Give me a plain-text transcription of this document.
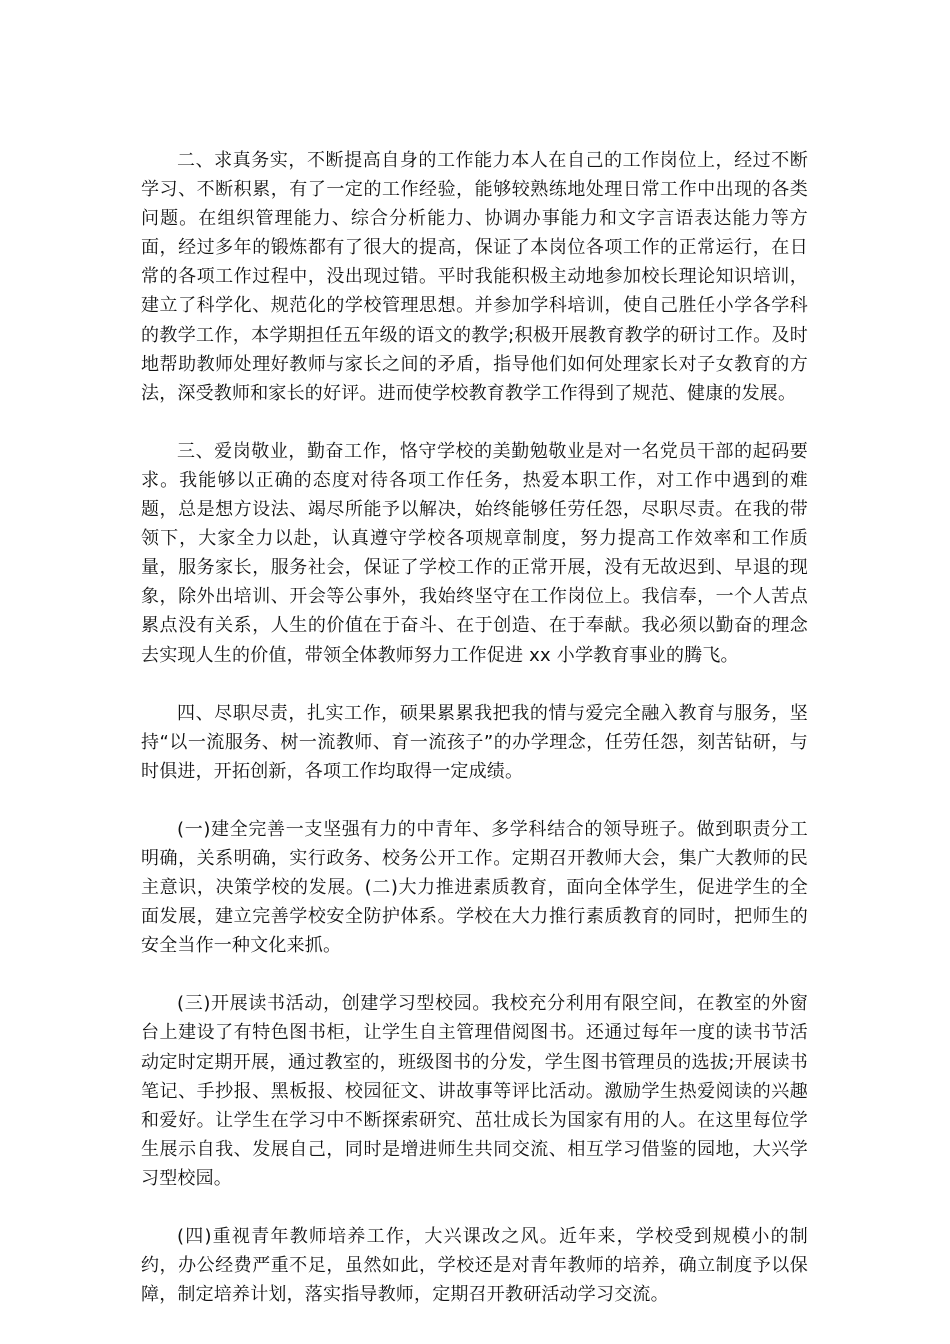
二、求真务实，不断提高自身的工作能力本人在自己的工作岗位上，经过不断学习、不断积累，有了一定的工作经验，能够较熟练地处理日常工作中出现的各类问题。在组织管理能力、综合分析能力、协调办事能力和文字言语表达能力等方面，经过多年的锻炼都有了很大的提高，保证了本岗位各项工作的正常运行，在日常的各项工作过程中，没出现过错。平时我能积极主动地参加校长理论知识培训，建立了科学化、规范化的学校管理思想。并参加学科培训，使自己胜任小学各学科的教学工作，本学期担任五年级的语文的教学;积极开展教育教学的研讨工作。及时地帮助教师处理好教师与家长之间的矛盾，指导他们如何处理家长对子女教育的方法，深受教师和家长的好评。进而使学校教育教学工作得到了规范、健康的发展。

三、爱岗敬业，勤奋工作，恪守学校的美勤勉敬业是对一名党员干部的起码要求。我能够以正确的态度对待各项工作任务，热爱本职工作，对工作中遇到的难题，总是想方设法、竭尽所能予以解决，始终能够任劳任怨，尽职尽责。在我的带领下，大家全力以赴，认真遵守学校各项规章制度，努力提高工作效率和工作质量，服务家长，服务社会，保证了学校工作的正常开展，没有无故迟到、早退的现象，除外出培训、开会等公事外，我始终坚守在工作岗位上。我信奉，一个人苦点累点没有关系，人生的价值在于奋斗、在于创造、在于奉献。我必须以勤奋的理念去实现人生的价值，带领全体教师努力工作促进 xx 小学教育事业的腾飞。

四、尽职尽责，扎实工作，硕果累累我把我的情与爱完全融入教育与服务，坚持“以一流服务、树一流教师、育一流孩子”的办学理念，任劳任怨，刻苦钻研，与时俱进，开拓创新，各项工作均取得一定成绩。

(一)建全完善一支坚强有力的中青年、多学科结合的领导班子。做到职责分工明确，关系明确，实行政务、校务公开工作。定期召开教师大会，集广大教师的民主意识，决策学校的发展。(二)大力推进素质教育，面向全体学生，促进学生的全面发展，建立完善学校安全防护体系。学校在大力推行素质教育的同时，把师生的安全当作一种文化来抓。

(三)开展读书活动，创建学习型校园。我校充分利用有限空间，在教室的外窗台上建设了有特色图书柜，让学生自主管理借阅图书。还通过每年一度的读书节活动定时定期开展，通过教室的，班级图书的分发，学生图书管理员的选拔;开展读书笔记、手抄报、黑板报、校园征文、讲故事等评比活动。激励学生热爱阅读的兴趣和爱好。让学生在学习中不断探索研究、茁壮成长为国家有用的人。在这里每位学生展示自我、发展自己，同时是增进师生共同交流、相互学习借鉴的园地，大兴学习型校园。

(四)重视青年教师培养工作，大兴课改之风。近年来，学校受到规模小的制约，办公经费严重不足，虽然如此，学校还是对青年教师的培养，确立制度予以保障，制定培养计划，落实指导教师，定期召开教研活动学习交流。
